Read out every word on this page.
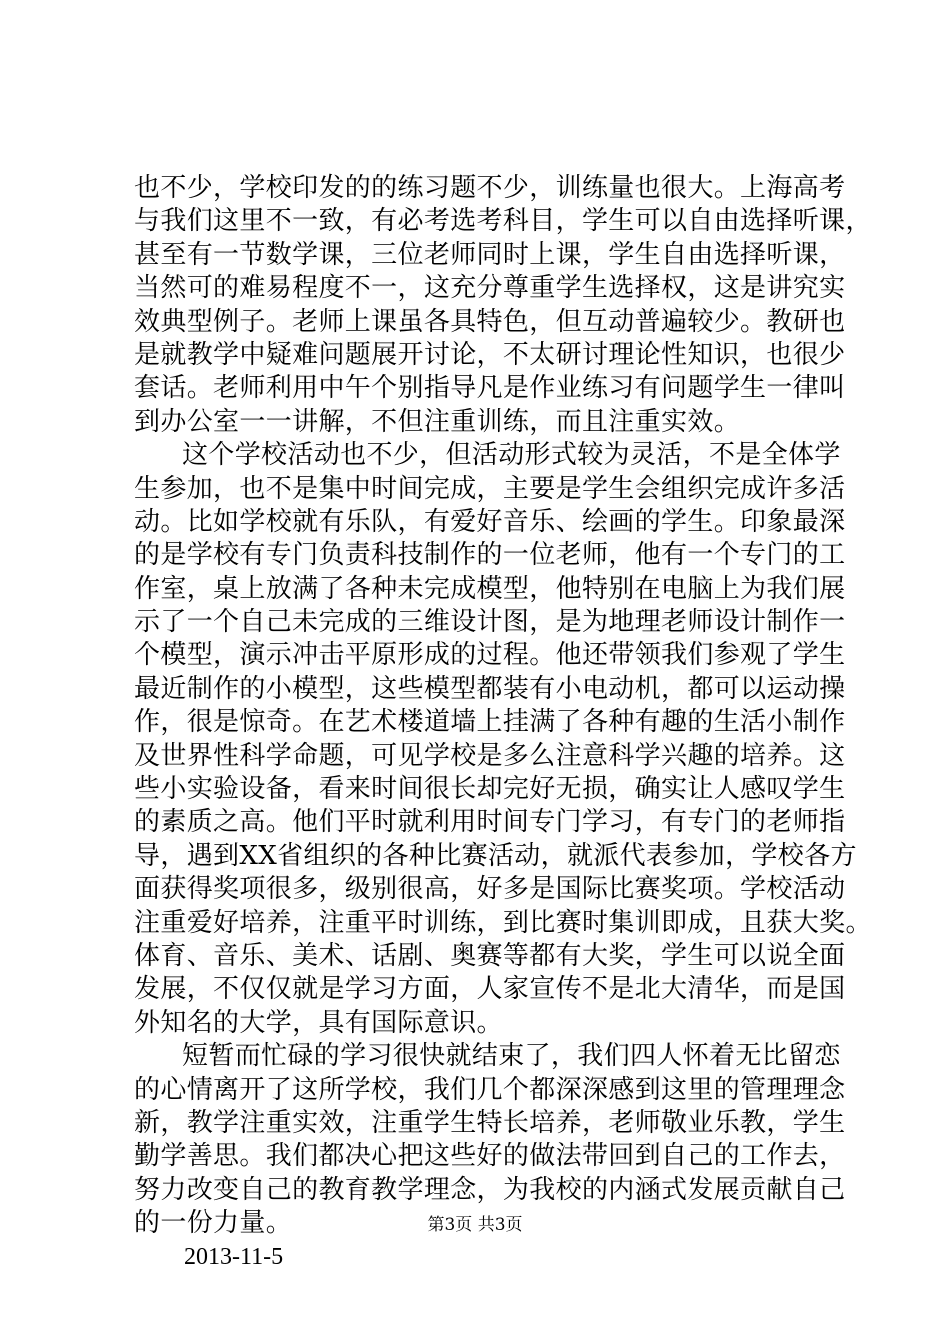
也不少，学校印发的的练习题不少，训练量也很大。上海高考
与我们这里不一致，有必考选考科目，学生可以自由选择听课，
甚至有一节数学课，三位老师同时上课，学生自由选择听课，
当然可的难易程度不一，这充分尊重学生选择权，这是讲究实
效典型例子。老师上课虽各具特色，但互动普遍较少。教研也
是就教学中疑难问题展开讨论，不太研讨理论性知识，也很少
套话。老师利用中午个别指导凡是作业练习有问题学生一律叫
到办公室一一讲解，不但注重训练，而且注重实效。
这个学校活动也不少，但活动形式较为灵活，不是全体学
生参加，也不是集中时间完成，主要是学生会组织完成许多活
动。比如学校就有乐队，有爱好音乐、绘画的学生。印象最深
的是学校有专门负责科技制作的一位老师，他有一个专门的工
作室，桌上放满了各种未完成模型，他特别在电脑上为我们展
示了一个自己未完成的三维设计图，是为地理老师设计制作一
个模型，演示冲击平原形成的过程。他还带领我们参观了学生
最近制作的小模型，这些模型都装有小电动机，都可以运动操
作，很是惊奇。在艺术楼道墙上挂满了各种有趣的生活小制作
及世界性科学命题，可见学校是多么注意科学兴趣的培养。这
些小实验设备，看来时间很长却完好无损，确实让人感叹学生
的素质之高。他们平时就利用时间专门学习，有专门的老师指
导，遇到XX省组织的各种比赛活动，就派代表参加，学校各方
面获得奖项很多，级别很高，好多是国际比赛奖项。学校活动
注重爱好培养，注重平时训练，到比赛时集训即成，且获大奖。
体育、音乐、美术、话剧、奥赛等都有大奖，学生可以说全面
发展，不仅仅就是学习方面，人家宣传不是北大清华，而是国
外知名的大学，具有国际意识。
短暂而忙碌的学习很快就结束了，我们四人怀着无比留恋
的心情离开了这所学校，我们几个都深深感到这里的管理理念
新，教学注重实效，注重学生特长培养，老师敬业乐教，学生
勤学善思。我们都决心把这些好的做法带回到自己的工作去，
努力改变自己的教育教学理念，为我校的内涵式发展贡献自己
的一份力量。
2013-11-5
第3页 共3页
